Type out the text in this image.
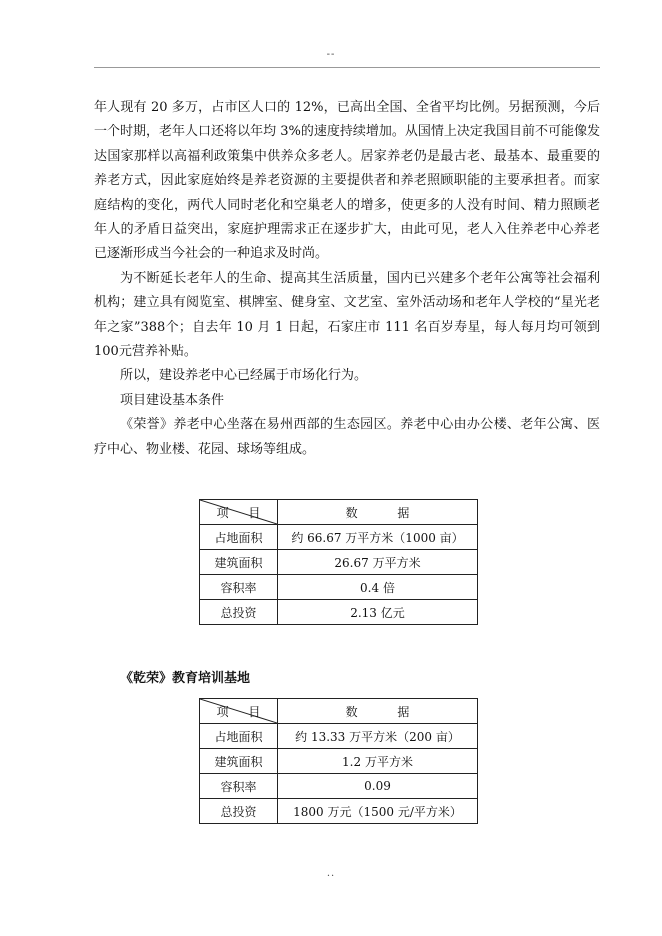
--

年人现有 20 多万，占市区人口的 12%，已高出全国、全省平均比例。另据预测，今后一个时期，老年人口还将以年均 3%的速度持续增加。从国情上决定我国目前不可能像发达国家那样以高福利政策集中供养众多老人。居家养老仍是最古老、最基本、最重要的养老方式，因此家庭始终是养老资源的主要提供者和养老照顾职能的主要承担者。而家庭结构的变化，两代人同时老化和空巢老人的增多，使更多的人没有时间、精力照顾老年人的矛盾日益突出，家庭护理需求正在逐步扩大，由此可见，老人入住养老中心养老已逐渐形成当今社会的一种追求及时尚。

为不断延长老年人的生命、提高其生活质量，国内已兴建多个老年公寓等社会福利机构；建立具有阅览室、棋牌室、健身室、文艺室、室外活动场和老年人学校的“星光老年之家”388个；自去年 10 月 1 日起，石家庄市 111 名百岁寿星，每人每月均可领到 100元营养补贴。

所以，建设养老中心已经属于市场化行为。

项目建设基本条件

《荣誉》养老中心坐落在易州西部的生态园区。养老中心由办公楼、老年公寓、医疗中心、物业楼、花园、球场等组成。

项 目	数 据
占地面积	约 66.67 万平方米（1000 亩）
建筑面积	26.67 万平方米
容积率	0.4 倍
总投资	2.13 亿元
《乾荣》教育培训基地
项 目	数 据
占地面积	约 13.33 万平方米（200 亩）
建筑面积	1.2 万平方米
容积率	0.09
总投资	1800 万元（1500 元/平方米）
..
